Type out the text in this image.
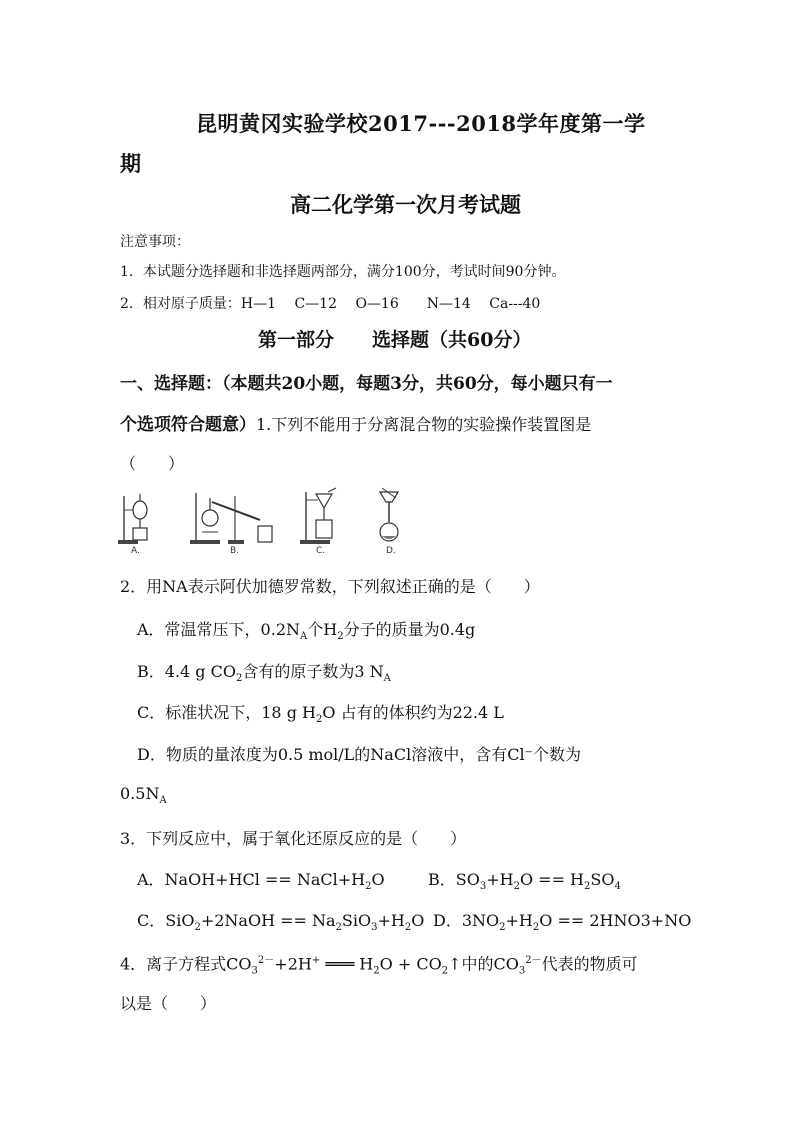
昆明黄冈实验学校2017---2018学年度第一学
期
高二化学第一次月考试题
注意事项：
1．本试题分选择题和非选择题两部分，满分100分，考试时间90分钟。
2．相对原子质量：H—1　 C—12　 O—16　　N—14　 Ca---40
第一部分　　选择题（共60分）
一、选择题：（本题共20小题，每题3分，共60分，每小题只有一
个选项符合题意）1.下列不能用于分离混合物的实验操作装置图是
（　　）
A.	B.	C.	D.
2．用NA表示阿伏加德罗常数，下列叙述正确的是（　　）
A．常温常压下，$0.2N_A$个$H_2$分子的质量为0.4g
B．4.4 g $CO_2$含有的原子数为3 $N_A$
C．标准状况下，18 g $H_2O$ 占有的体积约为22.4 L
D．物质的量浓度为0.5 mol/L的NaCl溶液中，含有Cl⁻个数为
$0.5N_A$
3．下列反应中，属于氧化还原反应的是（　　）
A．NaOH+HCl == $NaCl+H_2O$	B．$SO_3+H_2O == H_2SO_4$
C．SiO$_2$+2NaOH == $Na_2SiO_3+H_2O$ D．$3NO_2+H_2O == 2HNO3+NO$
4．离子方程式$CO_3^{2-}+2H^+$ ═══ $H_2O$ + $CO_2↑$中的$CO_3^{2-}$代表的物质可
以是（　　）
